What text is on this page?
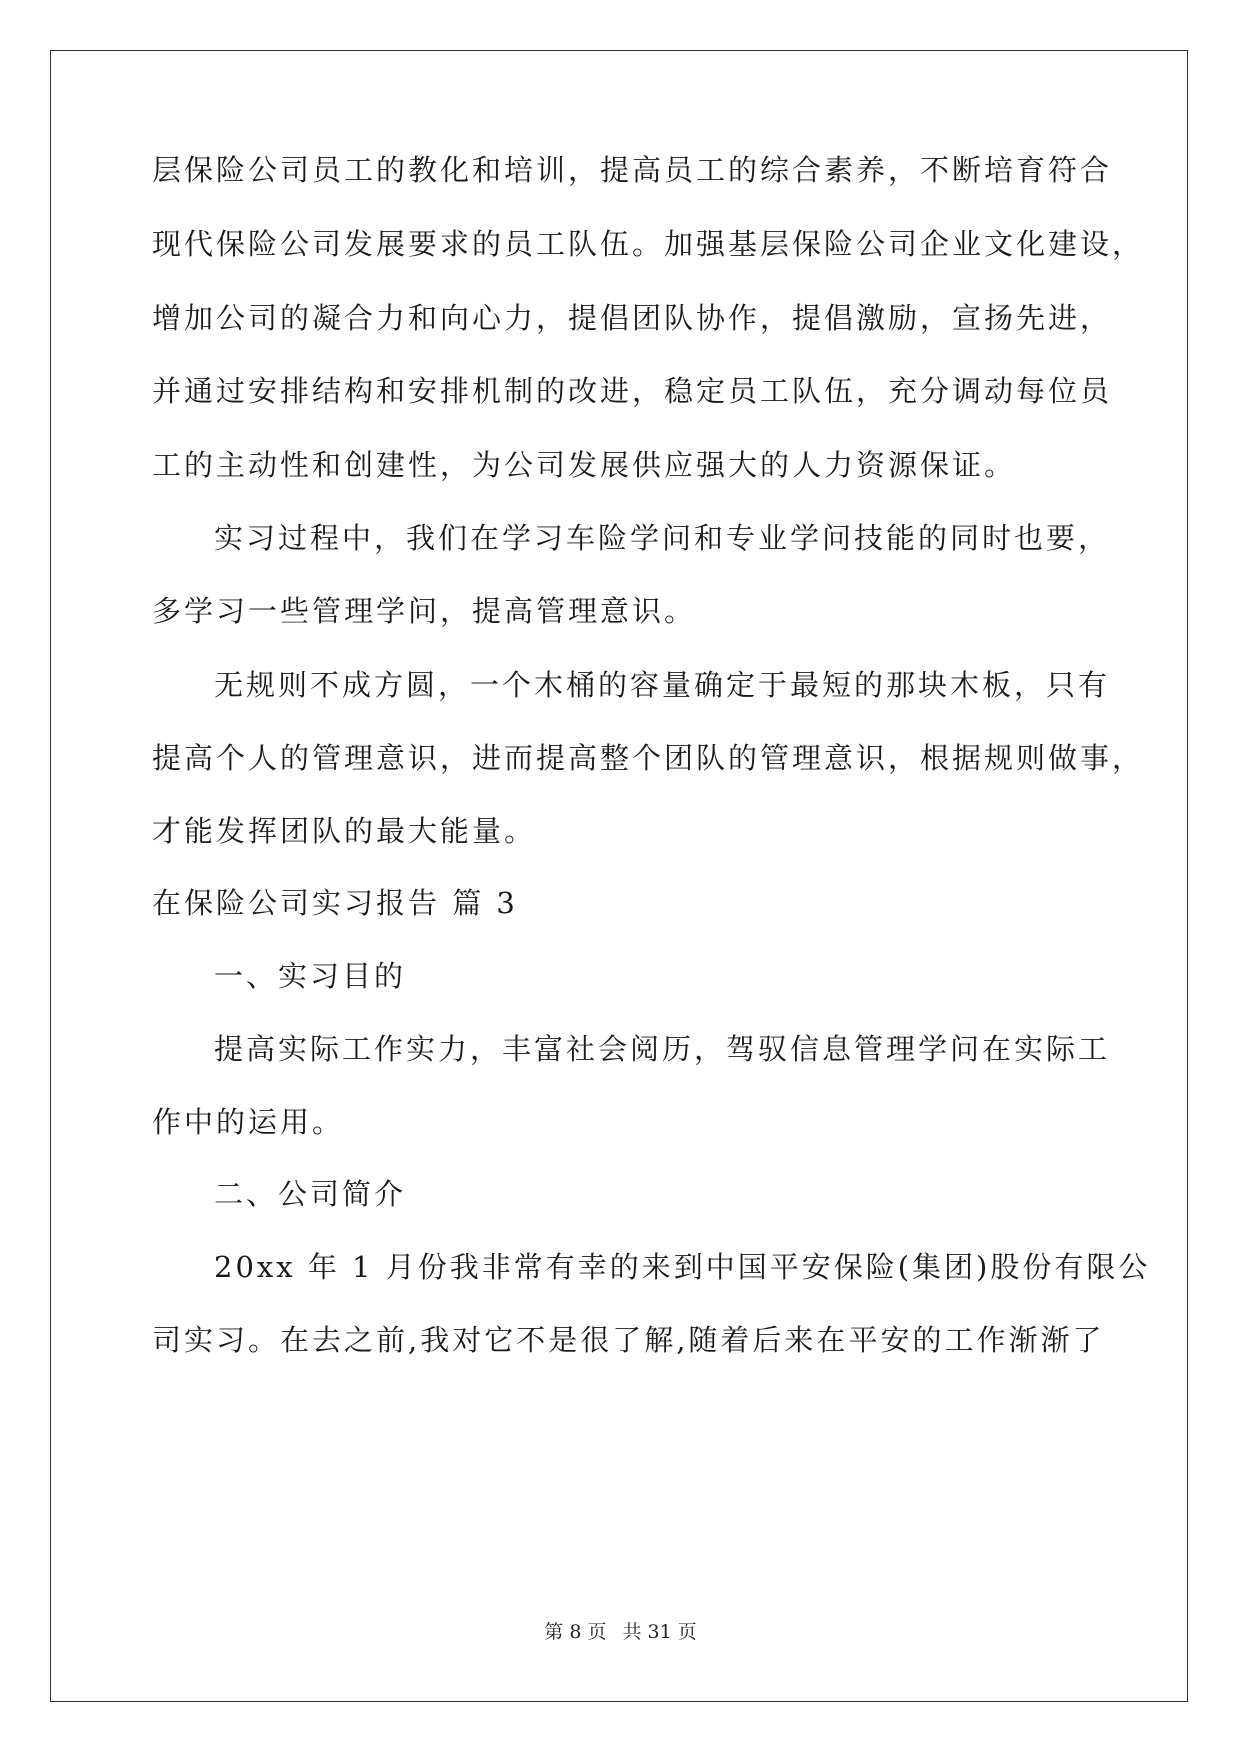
层保险公司员工的教化和培训，提高员工的综合素养，不断培育符合
现代保险公司发展要求的员工队伍。加强基层保险公司企业文化建设，
增加公司的凝合力和向心力，提倡团队协作，提倡激励，宣扬先进，
并通过安排结构和安排机制的改进，稳定员工队伍，充分调动每位员
工的主动性和创建性，为公司发展供应强大的人力资源保证。
实习过程中，我们在学习车险学问和专业学问技能的同时也要，
多学习一些管理学问，提高管理意识。
无规则不成方圆，一个木桶的容量确定于最短的那块木板，只有
提高个人的管理意识，进而提高整个团队的管理意识，根据规则做事，
才能发挥团队的最大能量。
在保险公司实习报告 篇 3
一、实习目的
提高实际工作实力，丰富社会阅历，驾驭信息管理学问在实际工
作中的运用。
二、公司简介
20xx 年 1 月份我非常有幸的来到中国平安保险(集团)股份有限公
司实习。在去之前,我对它不是很了解,随着后来在平安的工作渐渐了
第 8 页 共 31 页
